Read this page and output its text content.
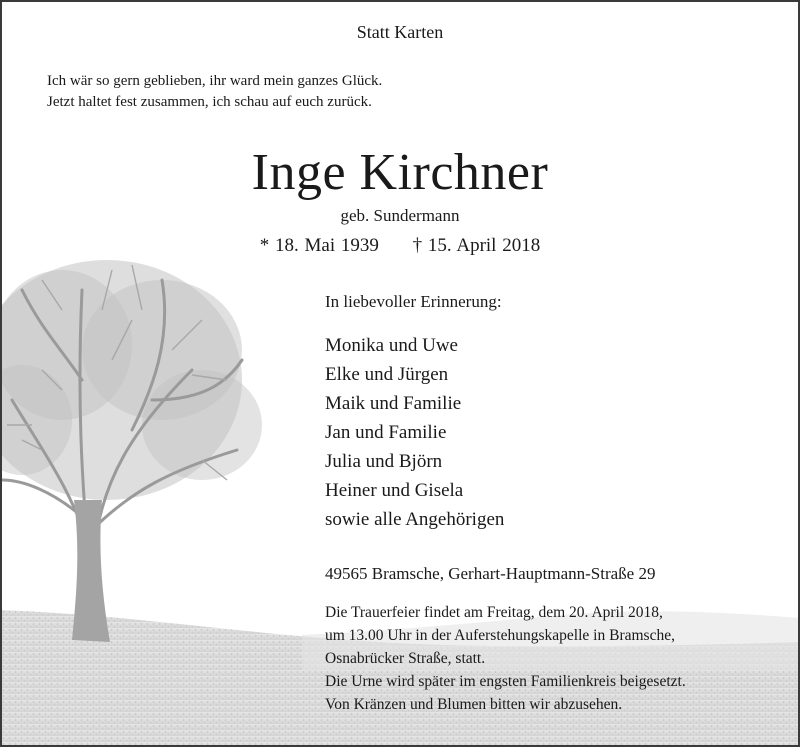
Statt Karten
Ich wär so gern geblieben, ihr ward mein ganzes Glück.
Jetzt haltet fest zusammen, ich schau auf euch zurück.
Inge Kirchner
geb. Sundermann
* 18. Mai 1939 † 15. April 2018
In liebevoller Erinnerung:
Monika und Uwe
Elke und Jürgen
Maik und Familie
Jan und Familie
Julia und Björn
Heiner und Gisela
sowie alle Angehörigen
49565 Bramsche, Gerhart-Hauptmann-Straße 29
Die Trauerfeier findet am Freitag, dem 20. April 2018,
um 13.00 Uhr in der Auferstehungskapelle in Bramsche,
Osnabrücker Straße, statt.
Die Urne wird später im engsten Familienkreis beigesetzt.
Von Kränzen und Blumen bitten wir abzusehen.
